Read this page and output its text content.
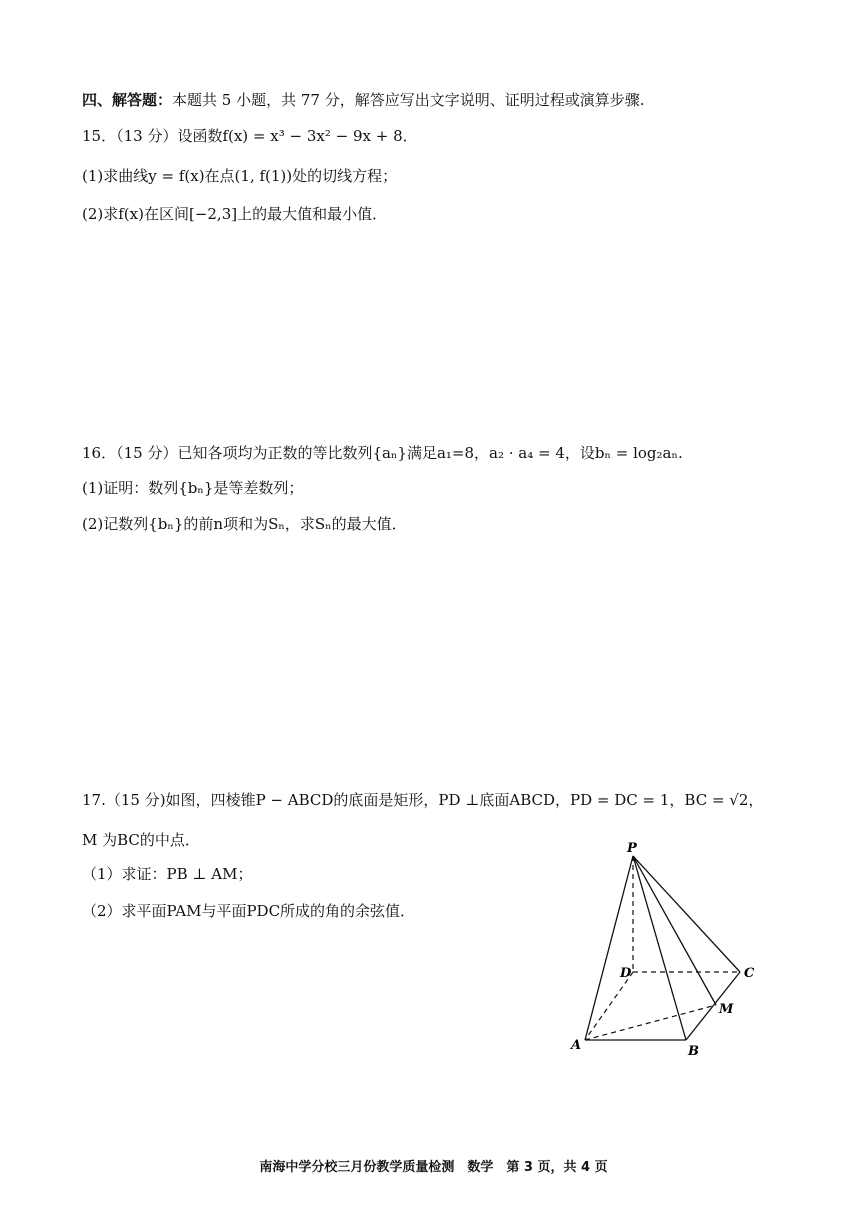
四、解答题：本题共 5 小题，共 77 分，解答应写出文字说明、证明过程或演算步骤.
15．（13 分）设函数f(x) = x³ − 3x² − 9x + 8．
(1)求曲线y = f(x)在点(1, f(1))处的切线方程；
(2)求f(x)在区间[−2,3]上的最大值和最小值．
16．（15 分）已知各项均为正数的等比数列{aₙ}满足a₁=8，a₂ · a₄ = 4，设bₙ = log₂aₙ.
(1)证明：数列{bₙ}是等差数列；
(2)记数列{bₙ}的前n项和为Sₙ，求Sₙ的最大值．
17.（15 分)如图，四棱锥P − ABCD的底面是矩形，PD ⊥底面ABCD，PD = DC = 1，BC = √2，
M 为BC的中点．
（1）求证：PB ⊥ AM；
（2）求平面PAM与平面PDC所成的角的余弦值．
P
D	C
M
A	B
南海中学分校三月份教学质量检测　数学　第 3 页，共 4 页
